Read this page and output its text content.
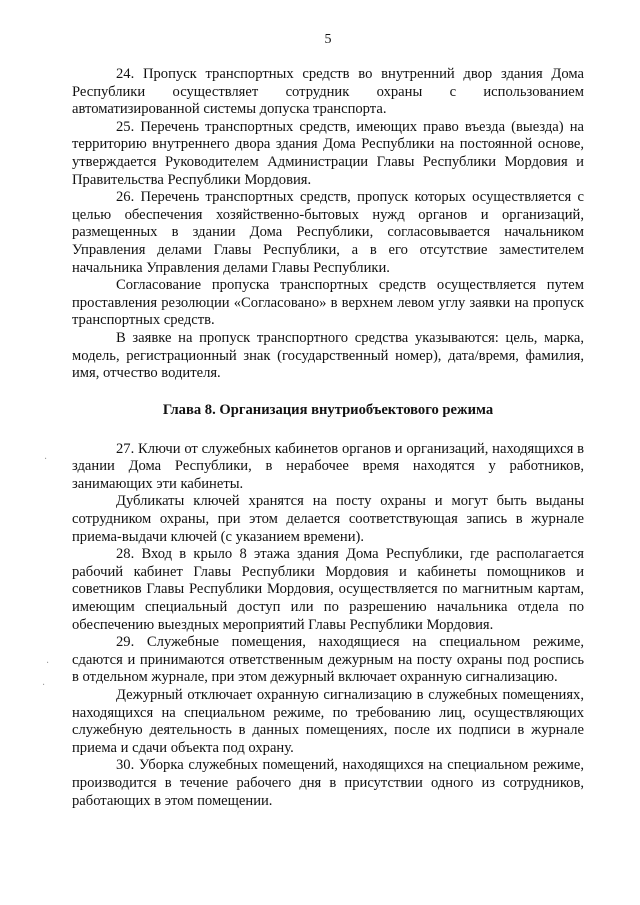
5

24. Пропуск транспортных средств во внутренний двор здания Дома Республики осуществляет сотрудник охраны с использованием автоматизированной системы допуска транспорта.

25. Перечень транспортных средств, имеющих право въезда (выезда) на территорию внутреннего двора здания Дома Республики на постоянной основе, утверждается Руководителем Администрации Главы Республики Мордовия и Правительства Республики Мордовия.

26. Перечень транспортных средств, пропуск которых осуществляется с целью обеспечения хозяйственно-бытовых нужд органов и организаций, размещенных в здании Дома Республики, согласовывается начальником Управления делами Главы Республики, а в его отсутствие заместителем начальника Управления делами Главы Республики.

Согласование пропуска транспортных средств осуществляется путем проставления резолюции «Согласовано» в верхнем левом углу заявки на пропуск транспортных средств.

В заявке на пропуск транспортного средства указываются: цель, марка, модель, регистрационный знак (государственный номер), дата/время, фамилия, имя, отчество водителя.

Глава 8. Организация внутриобъектового режима

27. Ключи от служебных кабинетов органов и организаций, находящихся в здании Дома Республики, в нерабочее время находятся у работников, занимающих эти кабинеты.

Дубликаты ключей хранятся на посту охраны и могут быть выданы сотрудником охраны, при этом делается соответствующая запись в журнале приема-выдачи ключей (с указанием времени).

28. Вход в крыло 8 этажа здания Дома Республики, где располагается рабочий кабинет Главы Республики Мордовия и кабинеты помощников и советников Главы Республики Мордовия, осуществляется по магнитным картам, имеющим специальный доступ или по разрешению начальника отдела по обеспечению выездных мероприятий Главы Республики Мордовия.

29. Служебные помещения, находящиеся на специальном режиме, сдаются и принимаются ответственным дежурным на посту охраны под роспись в отдельном журнале, при этом дежурный включает охранную сигнализацию.

Дежурный отключает охранную сигнализацию в служебных помещениях, находящихся на специальном режиме, по требованию лиц, осуществляющих служебную деятельность в данных помещениях, после их подписи в журнале приема и сдачи объекта под охрану.

30. Уборка служебных помещений, находящихся на специальном режиме, производится в течение рабочего дня в присутствии одного из сотрудников, работающих в этом помещении.

·
·
·
